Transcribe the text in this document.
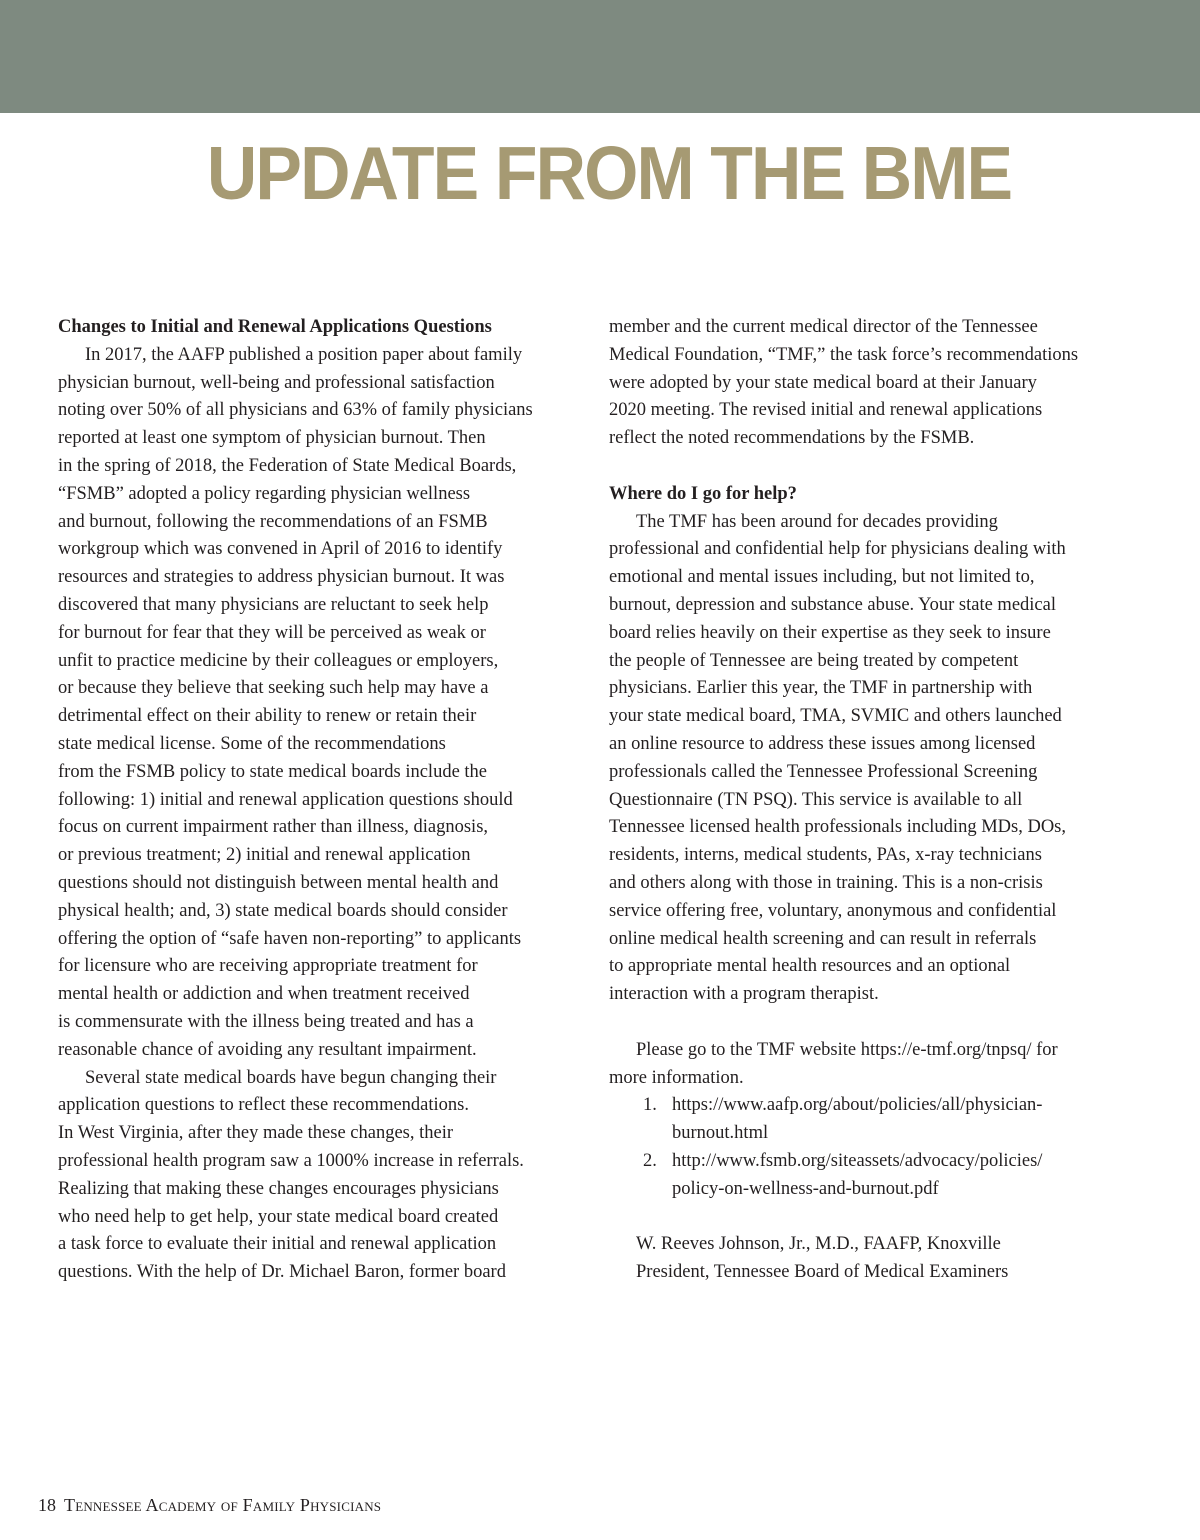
UPDATE FROM THE BME

Changes to Initial and Renewal Applications Questions

In 2017, the AAFP published a position paper about family
physician burnout, well-being and professional satisfaction
noting over 50% of all physicians and 63% of family physicians
reported at least one symptom of physician burnout. Then
in the spring of 2018, the Federation of State Medical Boards,
“FSMB” adopted a policy regarding physician wellness
and burnout, following the recommendations of an FSMB
workgroup which was convened in April of 2016 to identify
resources and strategies to address physician burnout. It was
discovered that many physicians are reluctant to seek help
for burnout for fear that they will be perceived as weak or
unfit to practice medicine by their colleagues or employers,
or because they believe that seeking such help may have a
detrimental effect on their ability to renew or retain their
state medical license. Some of the recommendations
from the FSMB policy to state medical boards include the
following: 1) initial and renewal application questions should
focus on current impairment rather than illness, diagnosis,
or previous treatment; 2) initial and renewal application
questions should not distinguish between mental health and
physical health; and, 3) state medical boards should consider
offering the option of “safe haven non-reporting” to applicants
for licensure who are receiving appropriate treatment for
mental health or addiction and when treatment received
is commensurate with the illness being treated and has a
reasonable chance of avoiding any resultant impairment.

Several state medical boards have begun changing their
application questions to reflect these recommendations.
In West Virginia, after they made these changes, their
professional health program saw a 1000% increase in referrals.
Realizing that making these changes encourages physicians
who need help to get help, your state medical board created
a task force to evaluate their initial and renewal application
questions. With the help of Dr. Michael Baron, former board

member and the current medical director of the Tennessee
Medical Foundation, “TMF,” the task force’s recommendations
were adopted by your state medical board at their January
2020 meeting. The revised initial and renewal applications
reflect the noted recommendations by the FSMB.

Where do I go for help?

The TMF has been around for decades providing
professional and confidential help for physicians dealing with
emotional and mental issues including, but not limited to,
burnout, depression and substance abuse. Your state medical
board relies heavily on their expertise as they seek to insure
the people of Tennessee are being treated by competent
physicians. Earlier this year, the TMF in partnership with
your state medical board, TMA, SVMIC and others launched
an online resource to address these issues among licensed
professionals called the Tennessee Professional Screening
Questionnaire (TN PSQ). This service is available to all
Tennessee licensed health professionals including MDs, DOs,
residents, interns, medical students, PAs, x-ray technicians
and others along with those in training. This is a non-crisis
service offering free, voluntary, anonymous and confidential
online medical health screening and can result in referrals
to appropriate mental health resources and an optional
interaction with a program therapist.

Please go to the TMF website https://e-tmf.org/tnpsq/ for
more information.

1. https://www.aafp.org/about/policies/all/physician-
burnout.html
2. http://www.fsmb.org/siteassets/advocacy/policies/
policy-on-wellness-and-burnout.pdf

W. Reeves Johnson, Jr., M.D., FAAFP, Knoxville
President, Tennessee Board of Medical Examiners

18 Tennessee Academy of Family Physicians
